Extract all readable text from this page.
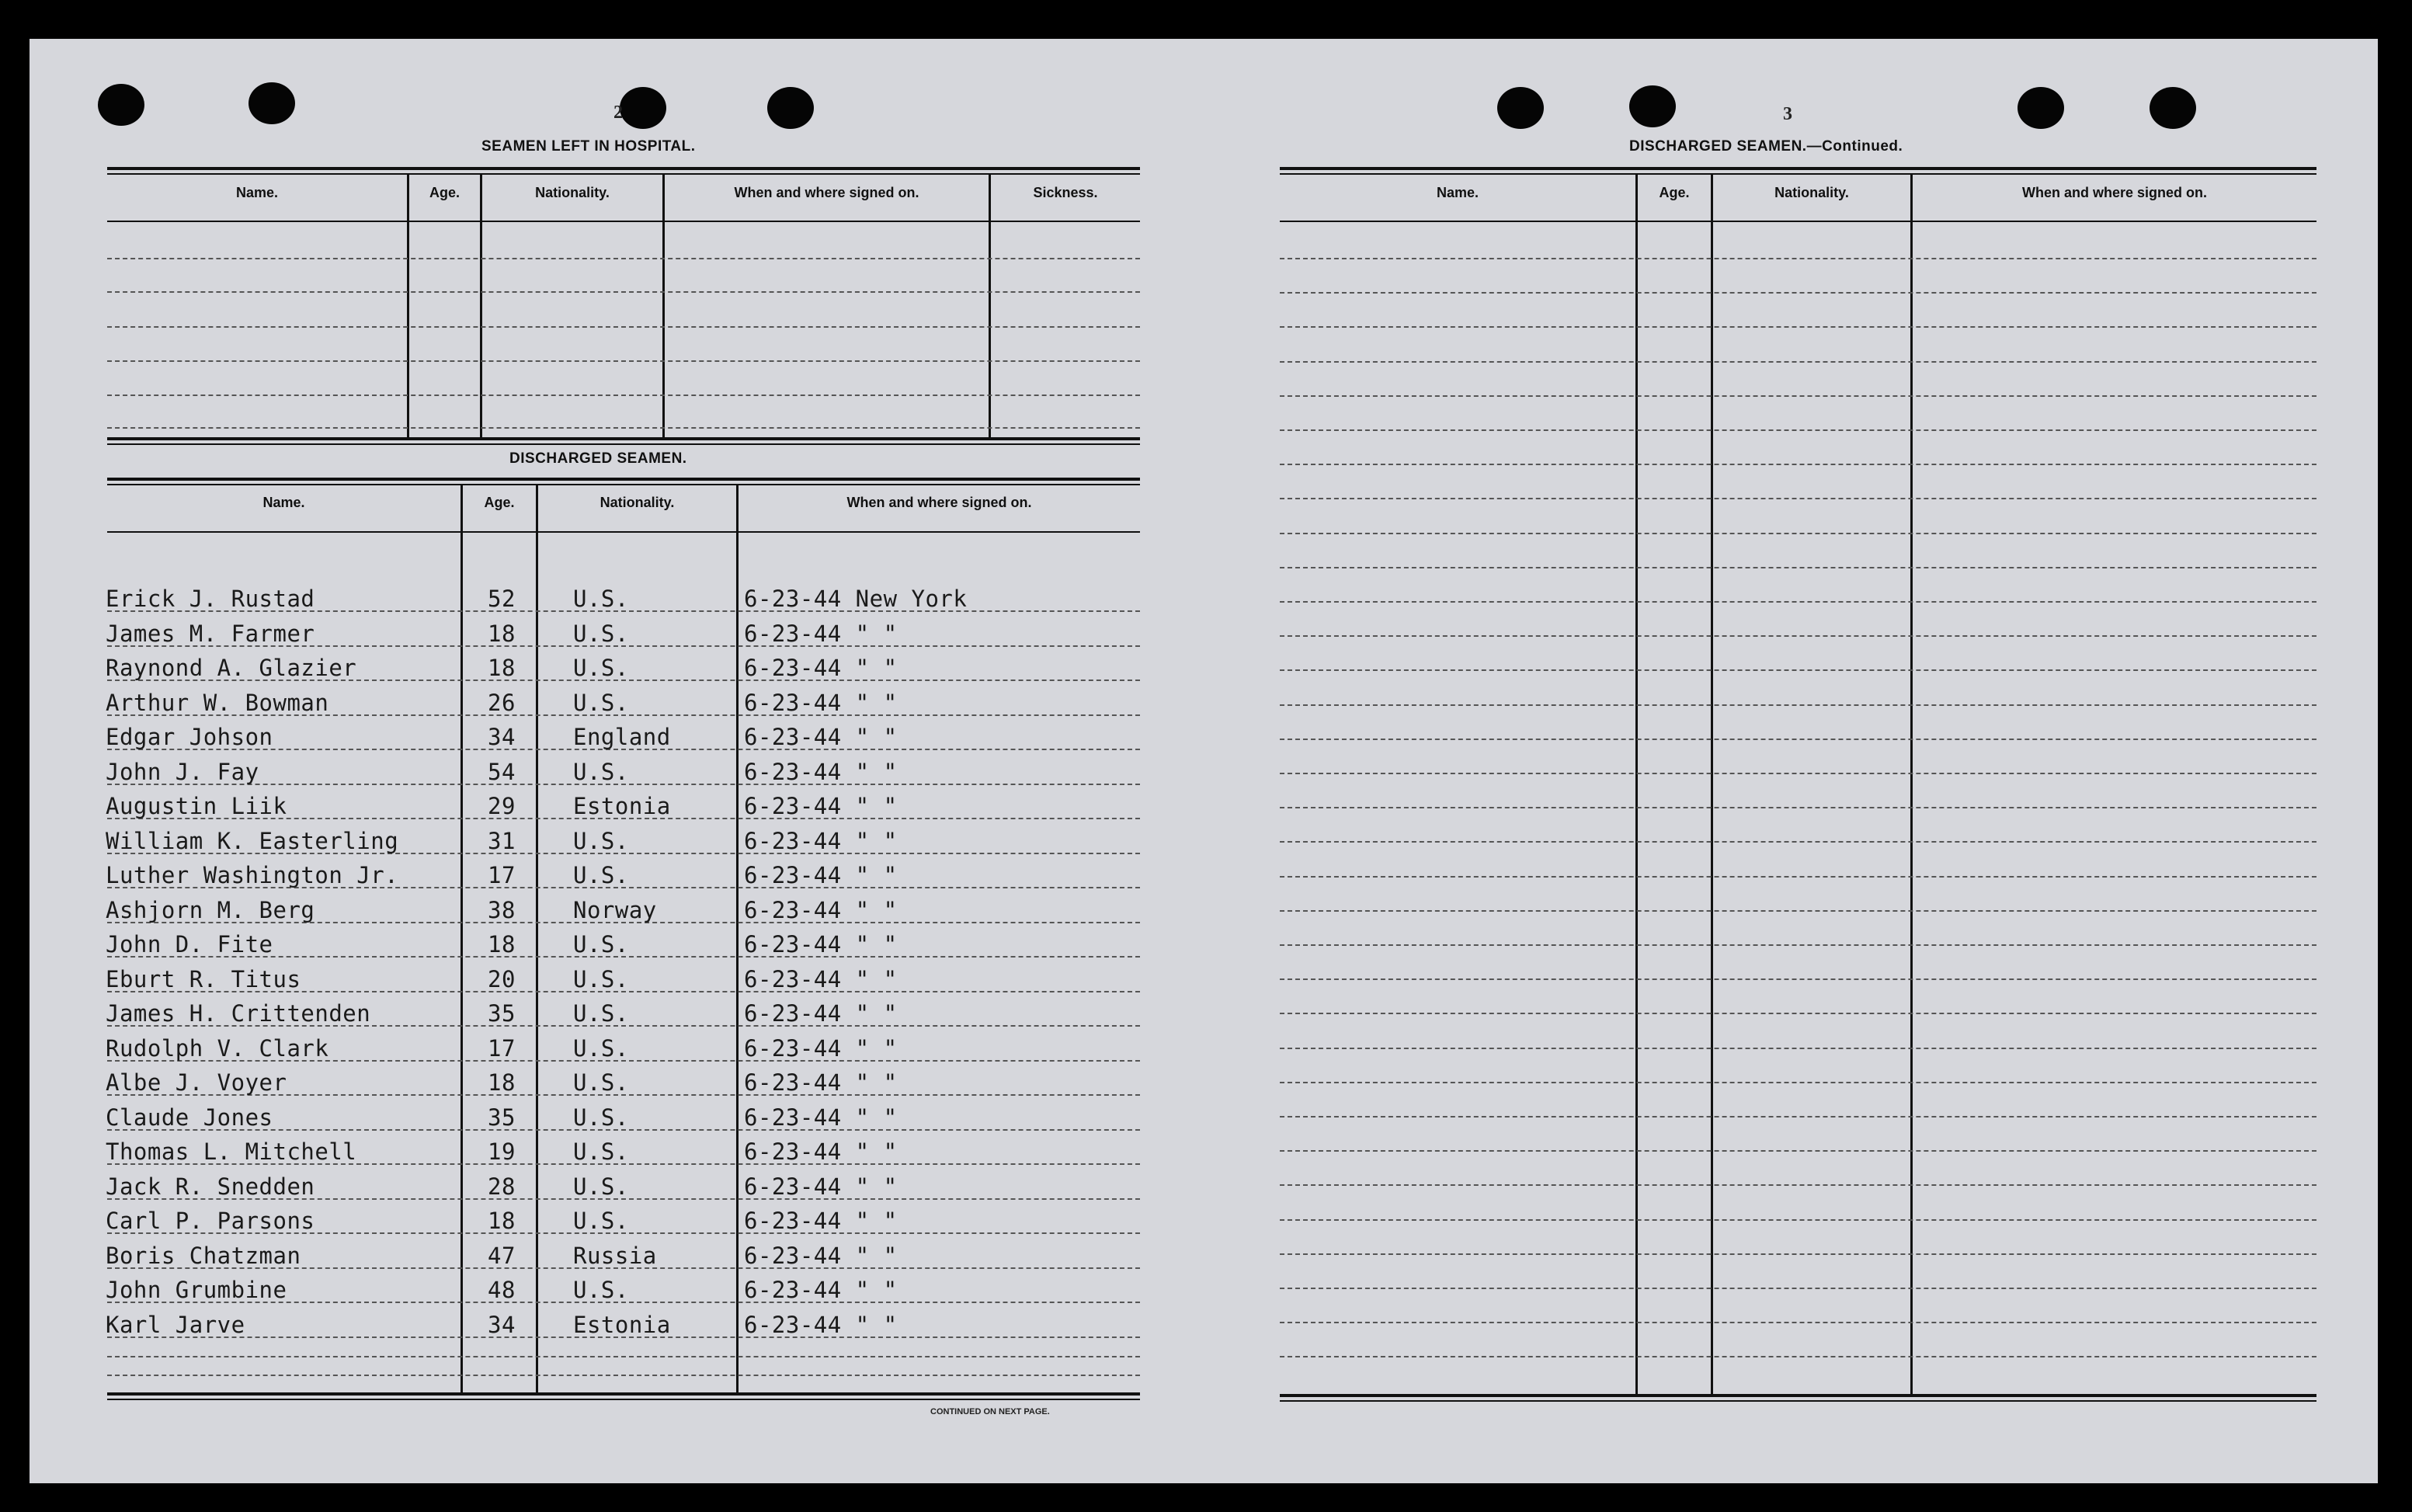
2
SEAMEN LEFT IN HOSPITAL.
Name.	Age.	Nationality.	When and where signed on.	Sickness.
DISCHARGED SEAMEN.
Name.	Age.	Nationality.	When and where signed on.
Erick J. Rustad	52	U.S.	6-23-44 New York
James M. Farmer	18	U.S.	6-23-44 " "
Raynond A. Glazier	18	U.S.	6-23-44 " "
Arthur W. Bowman	26	U.S.	6-23-44 " "
Edgar Johson	34	England	6-23-44 " "
John J. Fay	54	U.S.	6-23-44 " "
Augustin Liik	29	Estonia	6-23-44 " "
William K. Easterling	31	U.S.	6-23-44 " "
Luther Washington Jr.	17	U.S.	6-23-44 " "
Ashjorn M. Berg	38	Norway	6-23-44 " "
John D. Fite	18	U.S.	6-23-44 " "
Eburt R. Titus	20	U.S.	6-23-44 " "
James H. Crittenden	35	U.S.	6-23-44 " "
Rudolph V. Clark	17	U.S.	6-23-44 " "
Albe J. Voyer	18	U.S.	6-23-44 " "
Claude Jones	35	U.S.	6-23-44 " "
Thomas L. Mitchell	19	U.S.	6-23-44 " "
Jack R. Snedden	28	U.S.	6-23-44 " "
Carl P. Parsons	18	U.S.	6-23-44 " "
Boris Chatzman	47	Russia	6-23-44 " "
John Grumbine	48	U.S.	6-23-44 " "
Karl Jarve	34	Estonia	6-23-44 " "
CONTINUED ON NEXT PAGE.
3
DISCHARGED SEAMEN.—Continued.
Name.	Age.	Nationality.	When and where signed on.
